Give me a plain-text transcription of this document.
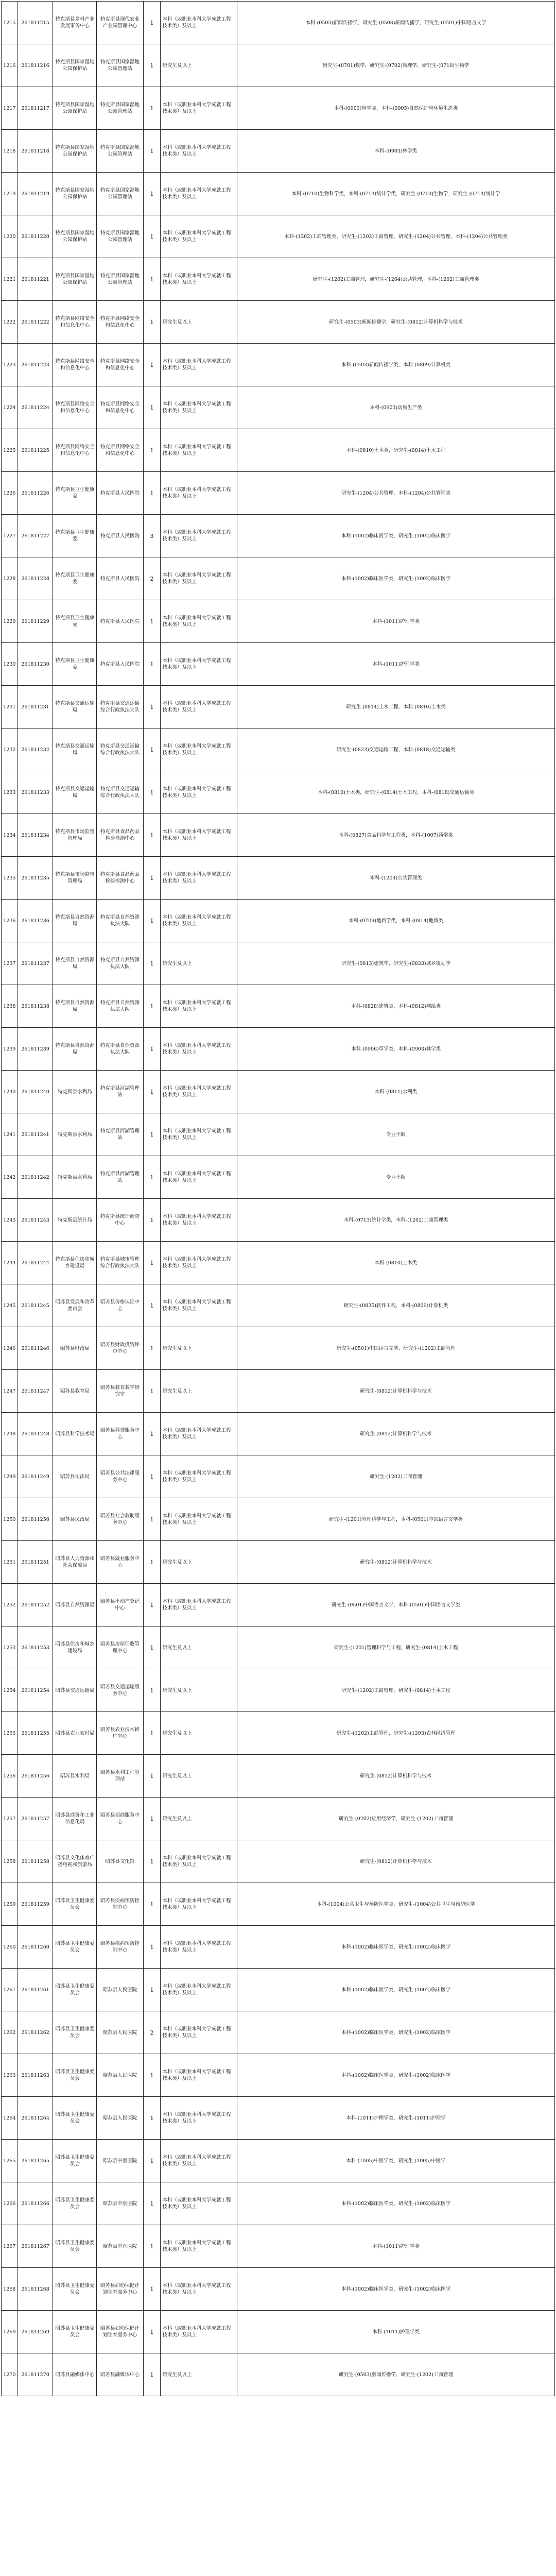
1215	261811215	特克斯县乡村产业发展事务中心	特克斯县现代农业产业园管理中心	1	本科（或职业本科大学成就工程技术类）及以上	本科-(0503)新闻传播学，研究生-(0503)新闻传播学，研究生-(0501)中国语言文学
1216	261811216	特克斯县国家湿地公园保护站	特克斯县国家湿地公园管理站	1	研究生及以上	研究生-(0701)数学，研究生-(0702)物理学，研究生-(0710)生物学
1217	261811217	特克斯县国家湿地公园保护站	特克斯县国家湿地公园管理站	1	本科（或职业本科大学成就工程技术类）及以上	本科-(0903)林学类，本科-(0905)自然保护与环境生态类
1218	261811218	特克斯县国家湿地公园保护站	特克斯县国家湿地公园管理站	1	本科（或职业本科大学成就工程技术类）及以上	本科-(0903)林学类
1219	261811219	特克斯县国家湿地公园保护站	特克斯县国家湿地公园管理站	1	本科（或职业本科大学成就工程技术类）及以上	本科-(0710)生物科学类，本科-(0713)统计学类，研究生-(0710)生物学，研究生-(0714)统计学
1220	261811220	特克斯县国家湿地公园保护站	特克斯县国家湿地公园管理站	1	本科（或职业本科大学成就工程技术类）及以上	本科-(1202)工商管理类，研究生-(1202)工商管理，研究生-(1204)公共管理，本科-(1204)公共管理类
1221	261811221	特克斯县国家湿地公园保护站	特克斯县国家湿地公园管理站	1	本科（或职业本科大学成就工程技术类）及以上	研究生-(1202)工商管理，研究生-(1204)公共管理，本科-(1202)工商管理类
1222	261811222	特克斯县网络安全和信息化中心	特克斯县网络安全和信息化中心	1	研究生及以上	研究生-(0503)新闻传播学，研究生-(0812)计算机科学与技术
1223	261811223	特克斯县网络安全和信息化中心	特克斯县网络安全和信息化中心	1	本科（或职业本科大学成就工程技术类）及以上	本科-(0503)新闻传播学类，本科-(0809)计算机类
1224	261811224	特克斯县网络安全和信息化中心	特克斯县网络安全和信息化中心	1	本科（或职业本科大学成就工程技术类）及以上	本科-(0903)动物生产类
1225	261811225	特克斯县网络安全和信息化中心	特克斯县网络安全和信息化中心	1	本科（或职业本科大学成就工程技术类）及以上	本科-(0810)土木类，研究生-(0814)土木工程
1226	261811226	特克斯县卫生健康委	特克斯县人民医院	1	本科（或职业本科大学成就工程技术类）及以上	研究生-(1204)公共管理，本科-(1204)公共管理类
1227	261811227	特克斯县卫生健康委	特克斯县人民医院	3	本科（或职业本科大学成就工程技术类）及以上	本科-(1002)临床医学类，研究生-(1002)临床医学
1228	261811228	特克斯县卫生健康委	特克斯县人民医院	2	本科（或职业本科大学成就工程技术类）及以上	本科-(1002)临床医学类，研究生-(1002)临床医学
1229	261811229	特克斯县卫生健康委	特克斯县人民医院	1	本科（或职业本科大学成就工程技术类）及以上	本科-(1011)护理学类
1230	261811230	特克斯县卫生健康委	特克斯县人民医院	1	本科（或职业本科大学成就工程技术类）及以上	本科-(1011)护理学类
1231	261811231	特克斯县交通运输局	特克斯县交通运输综合行政执法大队	1	本科（或职业本科大学成就工程技术类）及以上	研究生-(0814)土木工程，本科-(0810)土木类
1232	261811232	特克斯县交通运输局	特克斯县交通运输综合行政执法大队	1	本科（或职业本科大学成就工程技术类）及以上	研究生-(0823)交通运输工程，本科-(0818)交通运输类
1233	261811233	特克斯县交通运输局	特克斯县交通运输综合行政执法大队	1	本科（或职业本科大学成就工程技术类）及以上	本科-(0810)土木类，研究生-(0814)土木工程，本科-(0818)交通运输类
1234	261811234	特克斯县市场监督管理局	特克斯县食品药品检验检测中心	1	本科（或职业本科大学成就工程技术类）及以上	本科-(0827)食品科学与工程类，本科-(1007)药学类
1235	261811235	特克斯县市场监督管理局	特克斯县食品药品检验检测中心	1	本科（或职业本科大学成就工程技术类）及以上	本科-(1204)公共管理类
1236	261811236	特克斯县自然资源局	特克斯县自然资源执法大队	1	本科（或职业本科大学成就工程技术类）及以上	本科-(0709)地质学类，本科-(0814)地质类
1237	261811237	特克斯县自然资源局	特克斯县自然资源执法大队	1	研究生及以上	研究生-(0813)建筑学，研究生-(0833)城乡规划学
1238	261811238	特克斯县自然资源局	特克斯县自然资源执法大队	1	本科（或职业本科大学成就工程技术类）及以上	本科-(0828)建筑类，本科-(0812)测绘类
1239	261811239	特克斯县自然资源局	特克斯县自然资源执法大队	1	本科（或职业本科大学成就工程技术类）及以上	本科-(0906)草学类，本科-(0903)林学类
1240	261811240	特克斯县水利局	特克斯县河湖管理站	1	本科（或职业本科大学成就工程技术类）及以上	本科-(0811)水利类
1241	261811241	特克斯县水利局	特克斯县河湖管理站	1	本科（或职业本科大学成就工程技术类）及以上	专业不限
1242	261811242	特克斯县水利局	特克斯县河湖管理站	1	本科（或职业本科大学成就工程技术类）及以上	专业不限
1243	261811243	特克斯县统计局	特克斯县统计调查中心	1	本科（或职业本科大学成就工程技术类）及以上	本科-(0713)统计学类，本科-(1202)工商管理类
1244	261811244	特克斯县住房和城乡建设局	特克斯县城市管理综合行政执法大队	1	本科（或职业本科大学成就工程技术类）及以上	本科-(0810)土木类
1245	261811245	昭苏县发展和改革委员会	昭苏县价格认证中心	1	本科（或职业本科大学成就工程技术类）及以上	研究生-(0835)软件工程，本科-(0809)计算机类
1246	261811246	昭苏县财政局	昭苏县财政投资评审中心	1	研究生及以上	研究生-(0501)中国语言文学，研究生-(1202)工商管理
1247	261811247	昭苏县教育局	昭苏县教育教学研究室	1	研究生及以上	研究生-(0812)计算机科学与技术
1248	261811248	昭苏县科学技术局	昭苏县科技服务中心	1	本科（或职业本科大学成就工程技术类）及以上	研究生-(0812)计算机科学与技术
1249	261811249	昭苏县司法局	昭苏县公共法律服务中心	1	本科（或职业本科大学成就工程技术类）及以上	研究生-(1202)工商管理
1250	261811250	昭苏县民政局	昭苏县社会救助服务中心	1	本科（或职业本科大学成就工程技术类）及以上	研究生-(1201)管理科学与工程，本科-(0501)中国语言文学类
1251	261811251	昭苏县人力资源和社会保障局	昭苏县就业服务中心	1	研究生及以上	研究生-(0812)计算机科学与技术
1252	261811252	昭苏县自然资源局	昭苏县不动产登记中心	1	本科（或职业本科大学成就工程技术类）及以上	研究生-(0501)中国语言文学，本科-(0501)中国语言文学类
1253	261811253	昭苏县住房和城乡建设局	昭苏县房屋征收管理中心	1	研究生及以上	研究生-(1201)管理科学与工程，研究生-(0814)土木工程
1254	261811254	昭苏县交通运输局	昭苏县交通运输服务中心	1	研究生及以上	研究生-(1202)工商管理，研究生-(0814)土木工程
1255	261811255	昭苏县农业农村局	昭苏县农业技术推广中心	1	研究生及以上	研究生-(1202)工商管理，研究生-(1203)农林经济管理
1256	261811256	昭苏县水利局	昭苏县水利工程管理站	1	研究生及以上	研究生-(0812)计算机科学与技术
1257	261811257	昭苏县商务和工业信息化局	昭苏县招商服务中心	1	研究生及以上	研究生-(0202)应用经济学，研究生-(1202)工商管理
1258	261811258	昭苏县文化体育广播电视和旅游局	昭苏县文化馆	1	本科（或职业本科大学成就工程技术类）及以上	研究生-(0812)计算机科学与技术
1259	261811259	昭苏县卫生健康委员会	昭苏县疾病预防控制中心	1	本科（或职业本科大学成就工程技术类）及以上	本科-(1004)公共卫生与预防医学类，研究生-(1004)公共卫生与预防医学
1260	261811260	昭苏县卫生健康委员会	昭苏县疾病预防控制中心	1	本科（或职业本科大学成就工程技术类）及以上	本科-(1002)临床医学类，研究生-(1002)临床医学
1261	261811261	昭苏县卫生健康委员会	昭苏县人民医院	1	本科（或职业本科大学成就工程技术类）及以上	本科-(1002)临床医学类，研究生-(1002)临床医学
1262	261811262	昭苏县卫生健康委员会	昭苏县人民医院	2	本科（或职业本科大学成就工程技术类）及以上	本科-(1002)临床医学类，研究生-(1002)临床医学
1263	261811263	昭苏县卫生健康委员会	昭苏县人民医院	1	本科（或职业本科大学成就工程技术类）及以上	本科-(1002)临床医学类，研究生-(1002)临床医学
1264	261811264	昭苏县卫生健康委员会	昭苏县人民医院	1	本科（或职业本科大学成就工程技术类）及以上	本科-(1011)护理学类，研究生-(1011)护理学
1265	261811265	昭苏县卫生健康委员会	昭苏县中医医院	1	本科（或职业本科大学成就工程技术类）及以上	本科-(1005)中医学类，研究生-(1005)中医学
1266	261811266	昭苏县卫生健康委员会	昭苏县中医医院	1	本科（或职业本科大学成就工程技术类）及以上	本科-(1002)临床医学类，研究生-(1002)临床医学
1267	261811267	昭苏县卫生健康委员会	昭苏县中医医院	1	本科（或职业本科大学成就工程技术类）及以上	本科-(1011)护理学类
1268	261811268	昭苏县卫生健康委员会	昭苏县妇幼保健计划生育服务中心	1	本科（或职业本科大学成就工程技术类）及以上	本科-(1002)临床医学类，研究生-(1002)临床医学
1269	261811269	昭苏县卫生健康委员会	昭苏县妇幼保健计划生育服务中心	1	本科（或职业本科大学成就工程技术类）及以上	本科-(1011)护理学类
1270	261811270	昭苏县融媒体中心	昭苏县融媒体中心	1	研究生及以上	研究生-(0503)新闻传播学，研究生-(1202)工商管理
